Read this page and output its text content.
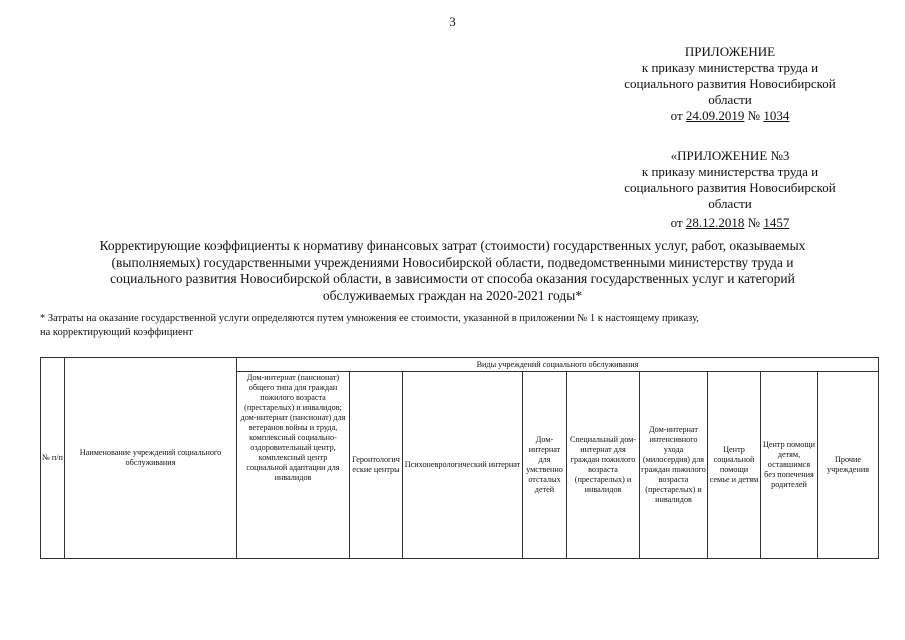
3
ПРИЛОЖЕНИЕ
к приказу министерства труда и
социального развития Новосибирской
области
от 24.09.2019 № 1034
«ПРИЛОЖЕНИЕ №3
к приказу министерства труда и
социального развития Новосибирской
области
от 28.12.2018 № 1457
Корректирующие коэффициенты к нормативу финансовых затрат (стоимости) государственных услуг, работ, оказываемых
(выполняемых) государственными учреждениями Новосибирской области, подведомственными министерству труда и
социального развития Новосибирской области, в зависимости от способа оказания государственных услуг и категорий
обслуживаемых граждан на 2020-2021 годы*
* Затраты на оказание государственной услуги определяются путем умножения ее стоимости, указанной в приложении № 1 к настоящему приказу,
на корректирующий коэффициент
№ п/п	Наименование учреждений социального обслуживания	Виды учреждений социального обслуживания								
		Дом-интернат (пансионат) общего типа для граждан пожилого возраста (престарелых) и инвалидов; дом-интернат (пансионат) для ветеранов войны и труда, комплексный социально-оздоровительный центр, комплексный центр социальной адаптации для инвалидов	Геронтологические центры	Психоневрологический интернат	Дом-интернат для умственно отсталых детей	Специальный дом-интернат для граждан пожилого возраста (престарелых) и инвалидов	Дом-интернат интенсивного ухода (милосердия) для граждан пожилого возраста (престарелых) и инвалидов	Центр социальной помощи семье и детям	Центр помощи детям, оставшимся без попечения родителей	Прочие учреждения
